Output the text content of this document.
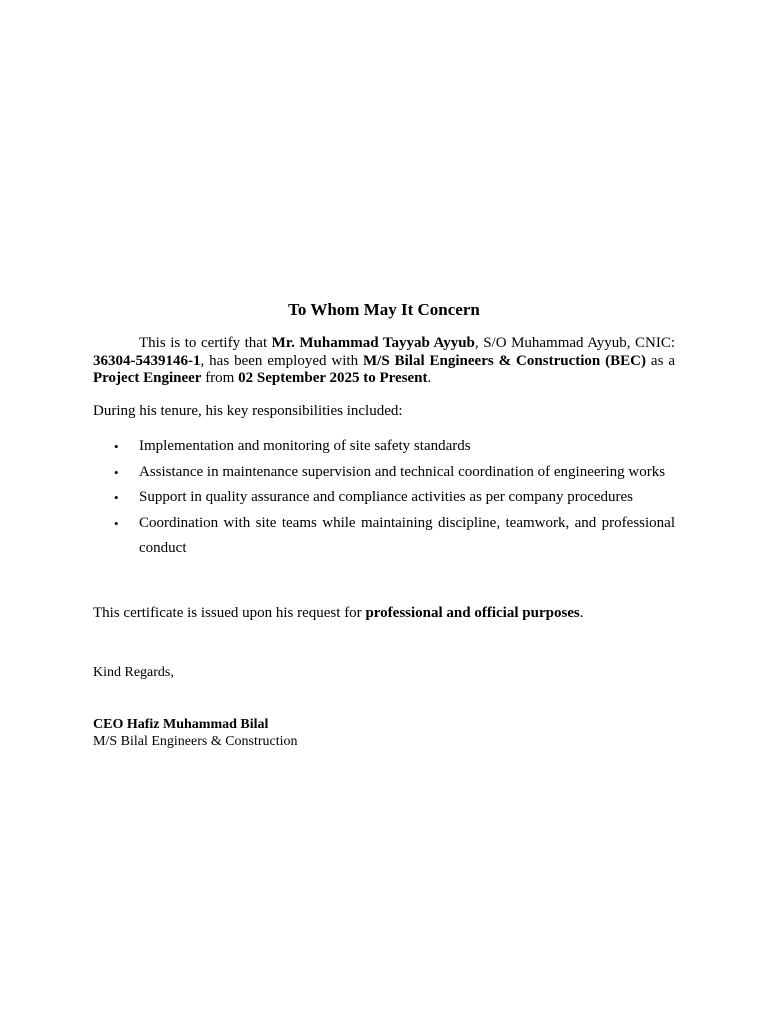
To Whom May It Concern

This is to certify that Mr. Muhammad Tayyab Ayyub, S/O Muhammad Ayyub, CNIC: 36304-5439146-1, has been employed with M/S Bilal Engineers & Construction (BEC) as a Project Engineer from 02 September 2025 to Present.

During his tenure, his key responsibilities included:

• Implementation and monitoring of site safety standards
• Assistance in maintenance supervision and technical coordination of engineering works
• Support in quality assurance and compliance activities as per company procedures
• Coordination with site teams while maintaining discipline, teamwork, and professional conduct

This certificate is issued upon his request for professional and official purposes.

Kind Regards,

CEO Hafiz Muhammad Bilal

M/S Bilal Engineers & Construction
